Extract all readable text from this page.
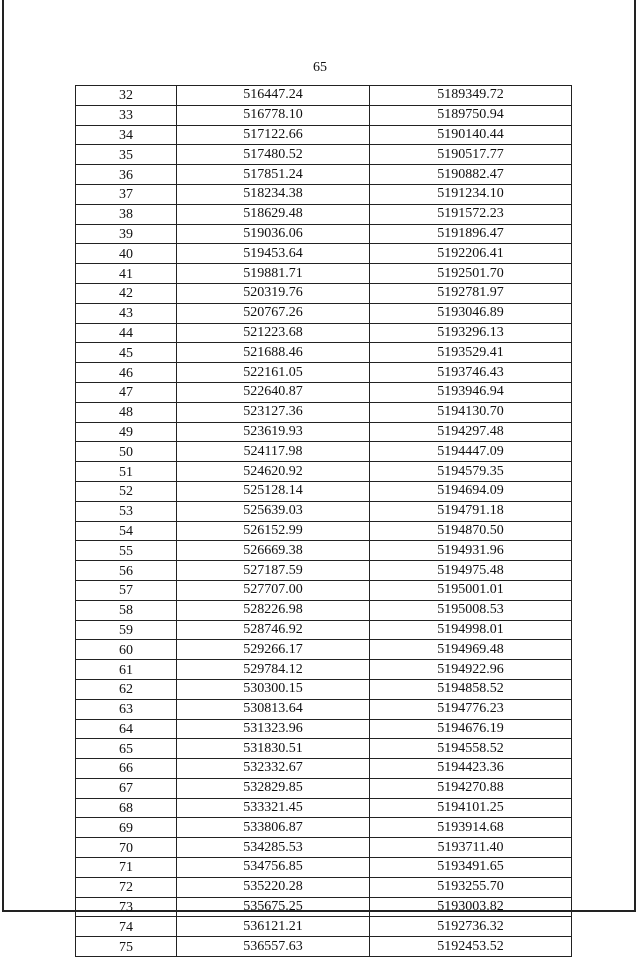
65
32	516447.24	5189349.72
33	516778.10	5189750.94
34	517122.66	5190140.44
35	517480.52	5190517.77
36	517851.24	5190882.47
37	518234.38	5191234.10
38	518629.48	5191572.23
39	519036.06	5191896.47
40	519453.64	5192206.41
41	519881.71	5192501.70
42	520319.76	5192781.97
43	520767.26	5193046.89
44	521223.68	5193296.13
45	521688.46	5193529.41
46	522161.05	5193746.43
47	522640.87	5193946.94
48	523127.36	5194130.70
49	523619.93	5194297.48
50	524117.98	5194447.09
51	524620.92	5194579.35
52	525128.14	5194694.09
53	525639.03	5194791.18
54	526152.99	5194870.50
55	526669.38	5194931.96
56	527187.59	5194975.48
57	527707.00	5195001.01
58	528226.98	5195008.53
59	528746.92	5194998.01
60	529266.17	5194969.48
61	529784.12	5194922.96
62	530300.15	5194858.52
63	530813.64	5194776.23
64	531323.96	5194676.19
65	531830.51	5194558.52
66	532332.67	5194423.36
67	532829.85	5194270.88
68	533321.45	5194101.25
69	533806.87	5193914.68
70	534285.53	5193711.40
71	534756.85	5193491.65
72	535220.28	5193255.70
73	535675.25	5193003.82
74	536121.21	5192736.32
75	536557.63	5192453.52
